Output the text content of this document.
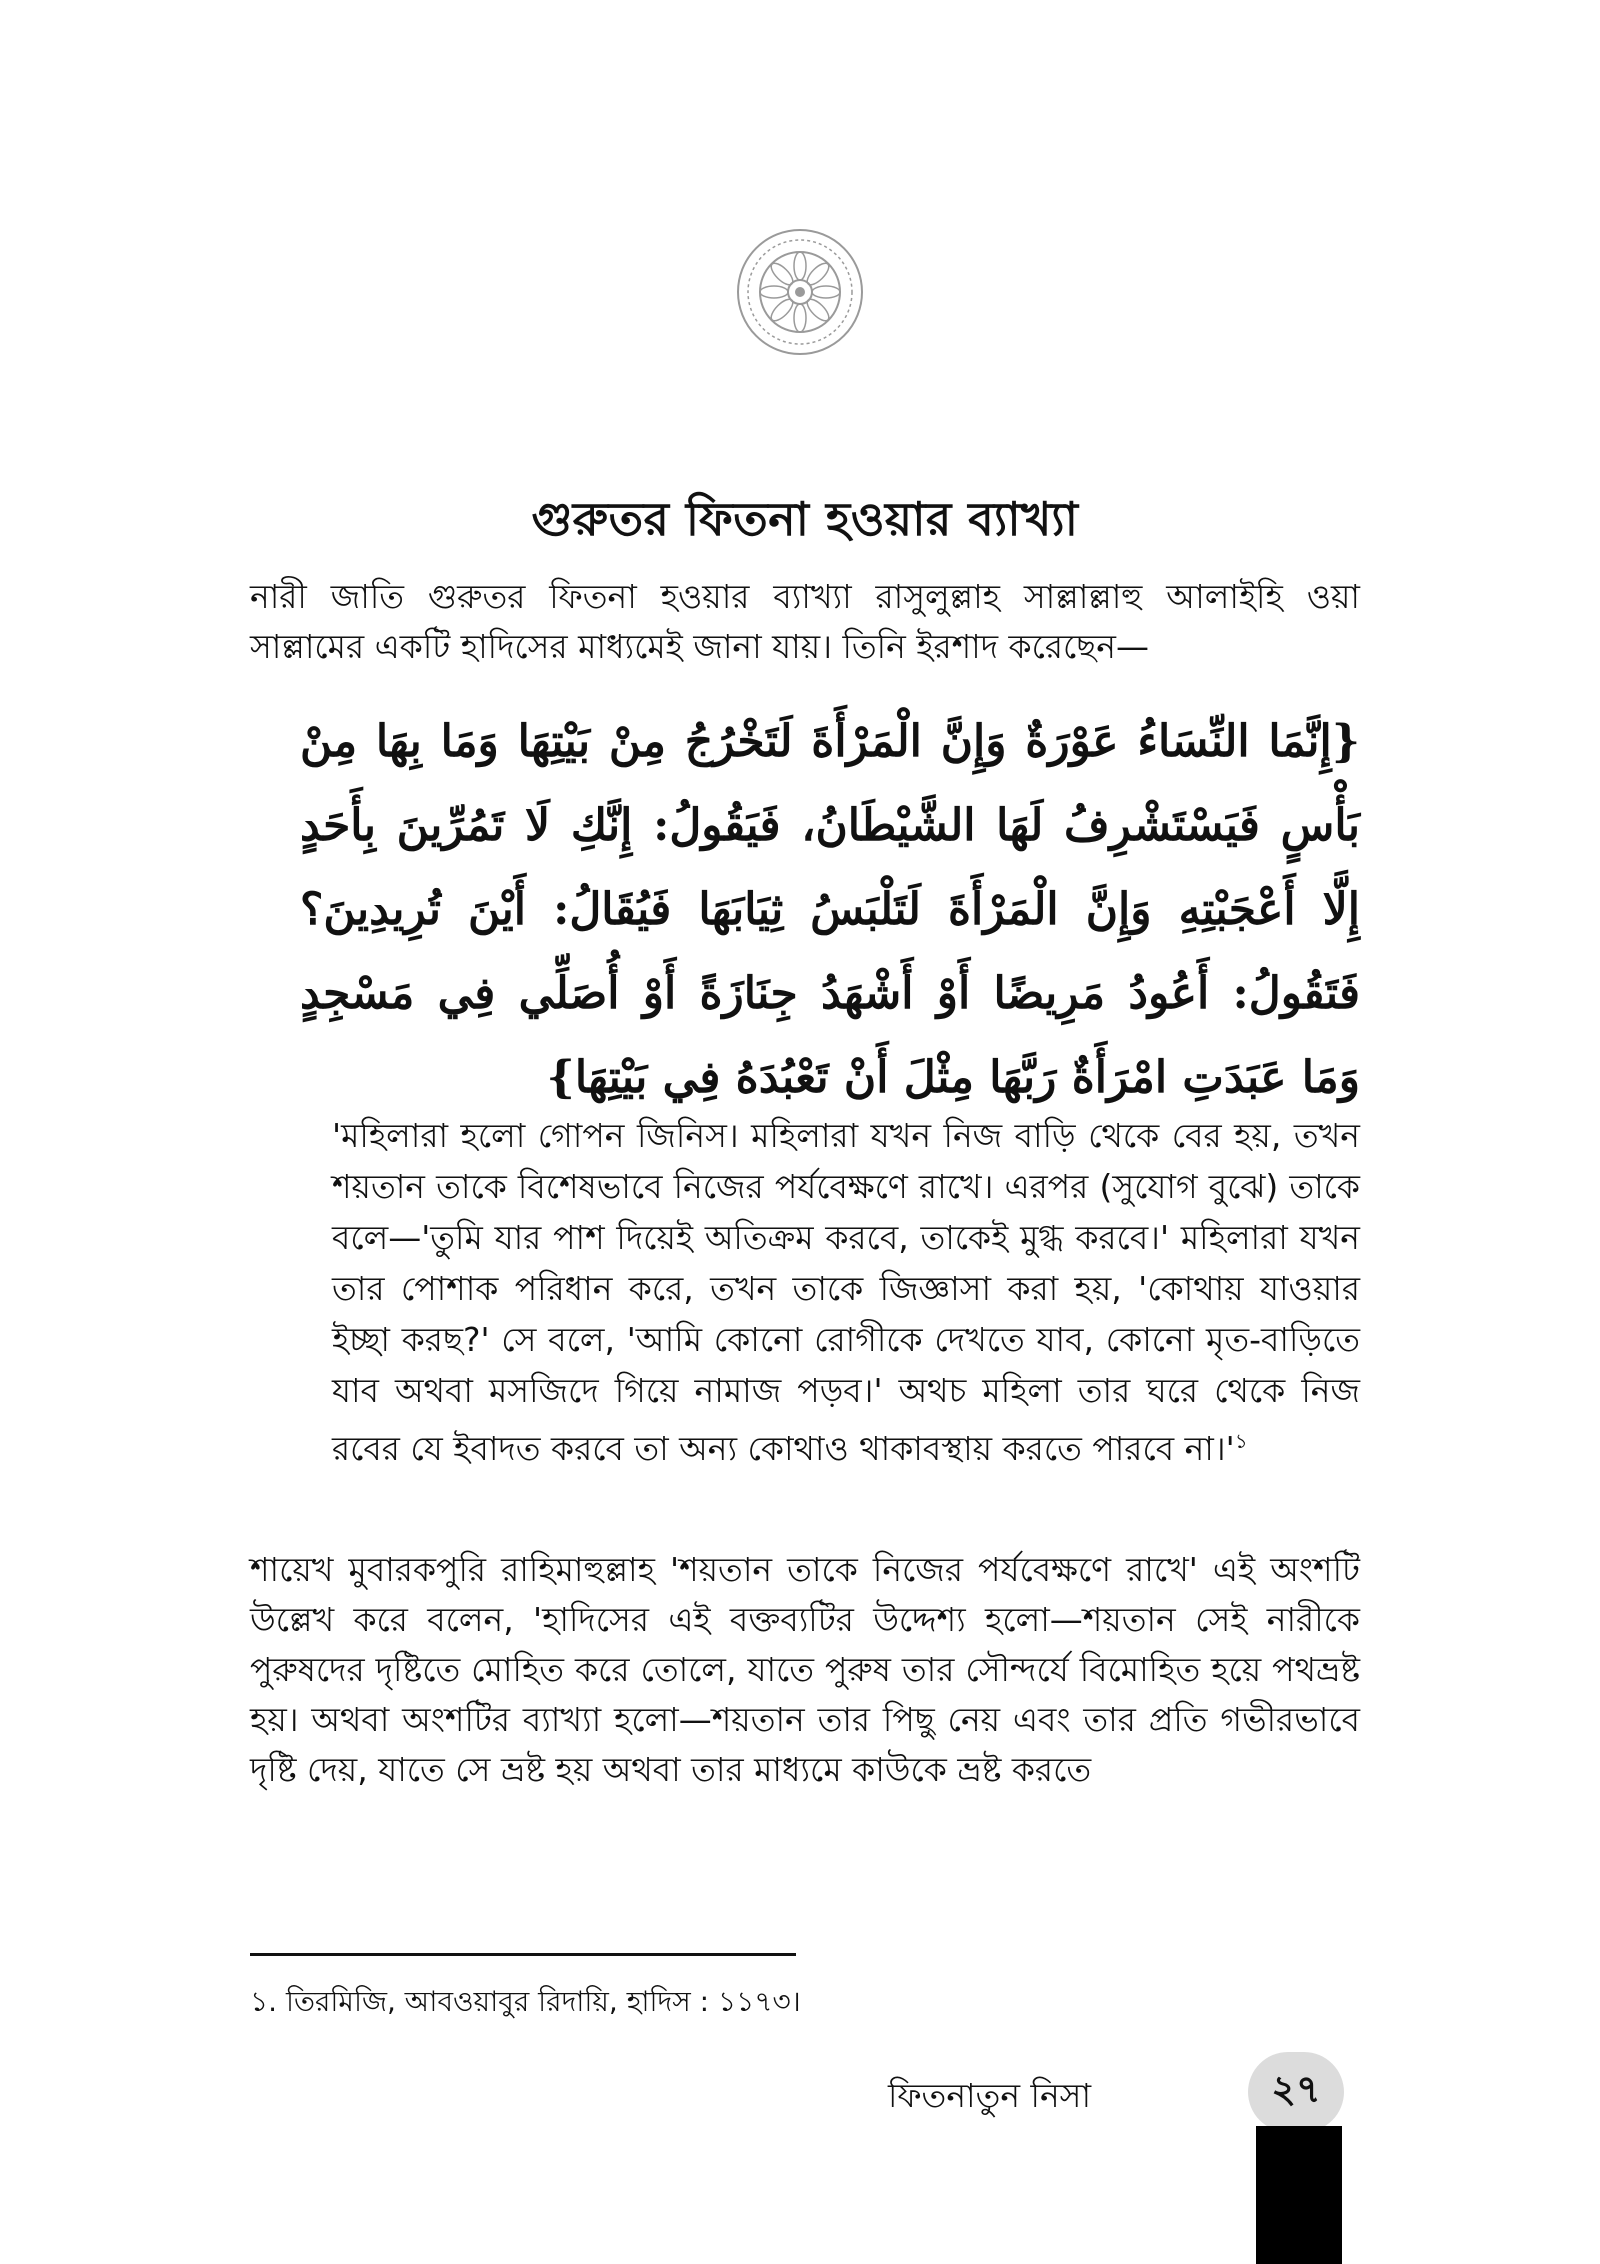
গুরুতর ফিতনা হওয়ার ব্যাখ্যা

নারী জাতি গুরুতর ফিতনা হওয়ার ব্যাখ্যা রাসুলুল্লাহ সাল্লাল্লাহু আলাইহি ওয়া সাল্লামের একটি হাদিসের মাধ্যমেই জানা যায়। তিনি ইরশাদ করেছেন—

{إِنَّمَا النِّسَاءُ عَوْرَةٌ وَإِنَّ الْمَرْأَةَ لَتَخْرُجُ مِنْ بَيْتِهَا وَمَا بِهَا مِنْ بَأْسٍ فَيَسْتَشْرِفُ لَهَا الشَّيْطَانُ، فَيَقُولُ: إِنَّكِ لَا تَمُرِّينَ بِأَحَدٍ إِلَّا أَعْجَبْتِهِ وَإِنَّ الْمَرْأَةَ لَتَلْبَسُ ثِيَابَهَا فَيُقَالُ: أَيْنَ تُرِيدِينَ؟ فَتَقُولُ: أَعُودُ مَرِيضًا أَوْ أَشْهَدُ جِنَازَةً أَوْ أُصَلِّي فِي مَسْجِدٍ وَمَا عَبَدَتِ امْرَأَةٌ رَبَّهَا مِثْلَ أَنْ تَعْبُدَهُ فِي بَيْتِهَا}

'মহিলারা হলো গোপন জিনিস। মহিলারা যখন নিজ বাড়ি থেকে বের হয়, তখন শয়তান তাকে বিশেষভাবে নিজের পর্যবেক্ষণে রাখে। এরপর (সুযোগ বুঝে) তাকে বলে—'তুমি যার পাশ দিয়েই অতিক্রম করবে, তাকেই মুগ্ধ করবে।' মহিলারা যখন তার পোশাক পরিধান করে, তখন তাকে জিজ্ঞাসা করা হয়, 'কোথায় যাওয়ার ইচ্ছা করছ?' সে বলে, 'আমি কোনো রোগীকে দেখতে যাব, কোনো মৃত-বাড়িতে যাব অথবা মসজিদে গিয়ে নামাজ পড়ব।' অথচ মহিলা তার ঘরে থেকে নিজ রবের যে ইবাদত করবে তা অন্য কোথাও থাকাবস্থায় করতে পারবে $না।'^১$

শায়েখ মুবারকপুরি রাহিমাহুল্লাহ 'শয়তান তাকে নিজের পর্যবেক্ষণে রাখে' এই অংশটি উল্লেখ করে বলেন, 'হাদিসের এই বক্তব্যটির উদ্দেশ্য হলো—শয়তান সেই নারীকে পুরুষদের দৃষ্টিতে মোহিত করে তোলে, যাতে পুরুষ তার সৌন্দর্যে বিমোহিত হয়ে পথভ্রষ্ট হয়। অথবা অংশটির ব্যাখ্যা হলো—শয়তান তার পিছু নেয় এবং তার প্রতি গভীরভাবে দৃষ্টি দেয়, যাতে সে ভ্রষ্ট হয় অথবা তার মাধ্যমে কাউকে ভ্রষ্ট করতে

১. তিরমিজি, আবওয়াবুর রিদায়ি, হাদিস : ১১৭৩।

ফিতনাতুন নিসা	২৭
